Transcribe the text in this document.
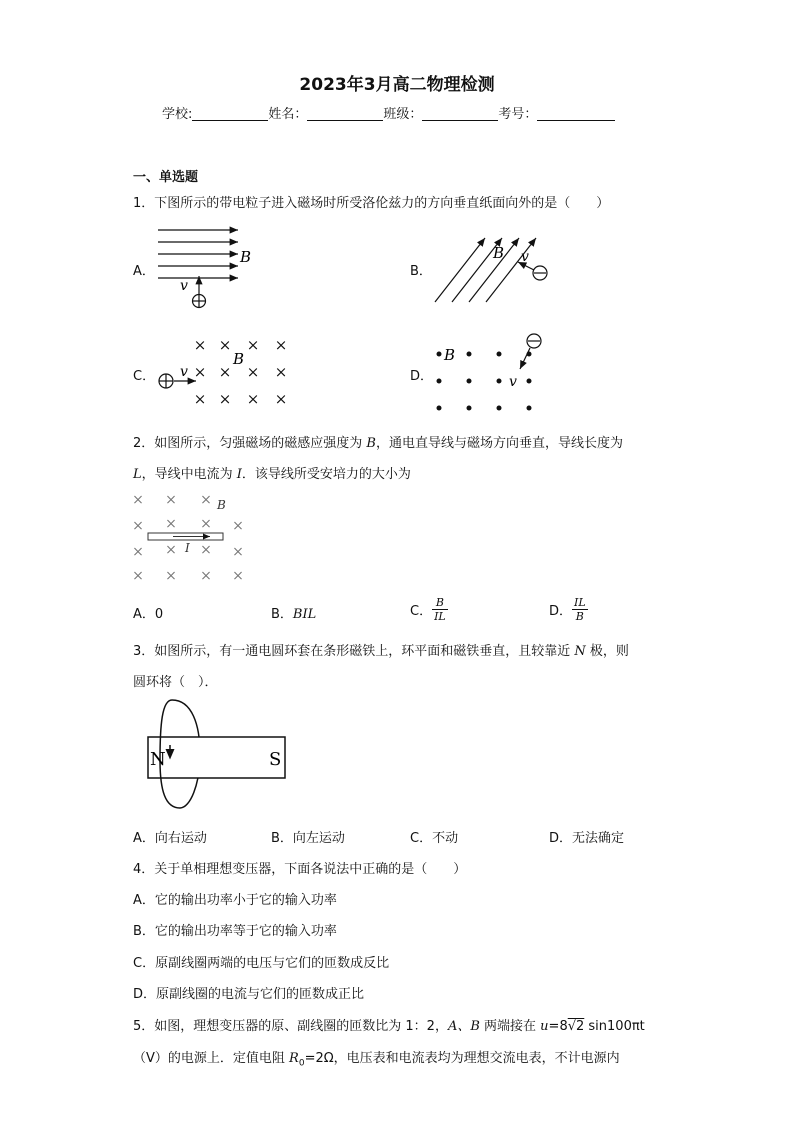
2023年3月高二物理检测
学校:	姓名：	班级：	考号：
一、单选题
1．下图所示的带电粒子进入磁场时所受洛伦兹力的方向垂直纸面向外的是（　　）
A．
B
v
B．
B v
C．
× × × ×
× × × ×
× × × ×
B
v	D．
B
v
2．如图所示，匀强磁场的磁感应强度为 B，通电直导线与磁场方向垂直，导线长度为
L，导线中电流为 I．该导线所受安培力的大小为
× × ×
× × × ×
× × × ×
× × × ×
B
I
A．0	B．BIL	C． $\frac{B}{IL}$	D． $\frac{IL}{B}$
3．如图所示，有一通电圆环套在条形磁铁上，环平面和磁铁垂直，且较靠近 N 极，则
圆环将（　）．
N	S
A．向右运动	B．向左运动	C．不动	D．无法确定
4．关于单相理想变压器，下面各说法中正确的是（　　）
A．它的输出功率小于它的输入功率
B．它的输出功率等于它的输入功率
C．原副线圈两端的电压与它们的匝数成反比
D．原副线圈的电流与它们的匝数成正比
5．如图，理想变压器的原、副线圈的匝数比为 1：2，A、B 两端接在 u=8√2 sin100πt
（V）的电源上．定值电阻 $R_0=2\Omega$，电压表和电流表均为理想交流电表，不计电源内
